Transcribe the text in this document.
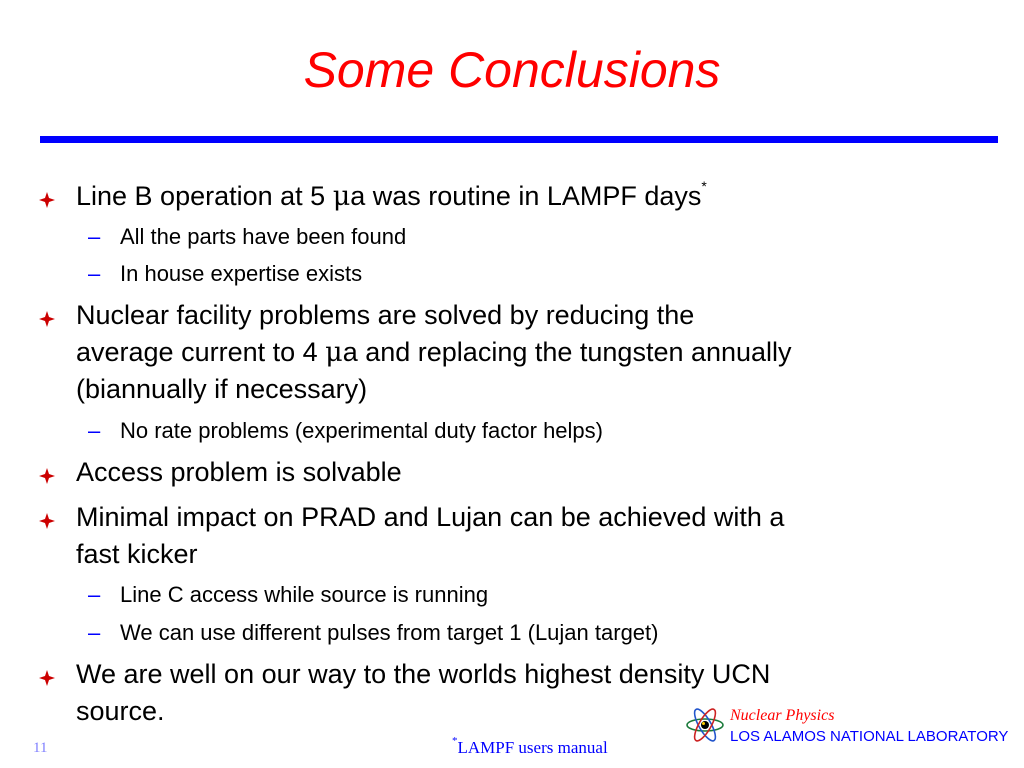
Some Conclusions
Line B operation at 5 μa was routine in LAMPF days*
– All the parts have been found
– In house expertise exists
Nuclear facility problems are solved by reducing the
average current to 4 μa and replacing the tungsten annually
(biannually if necessary)
– No rate problems (experimental duty factor helps)
Access problem is solvable
Minimal impact on PRAD and Lujan can be achieved with a
fast kicker
– Line C access while source is running
– We can use different pulses from target 1 (Lujan target)
We are well on our way to the worlds highest density UCN
source.
11	*LAMPF users manual
Nuclear Physics
LOS ALAMOS NATIONAL LABORATORY
